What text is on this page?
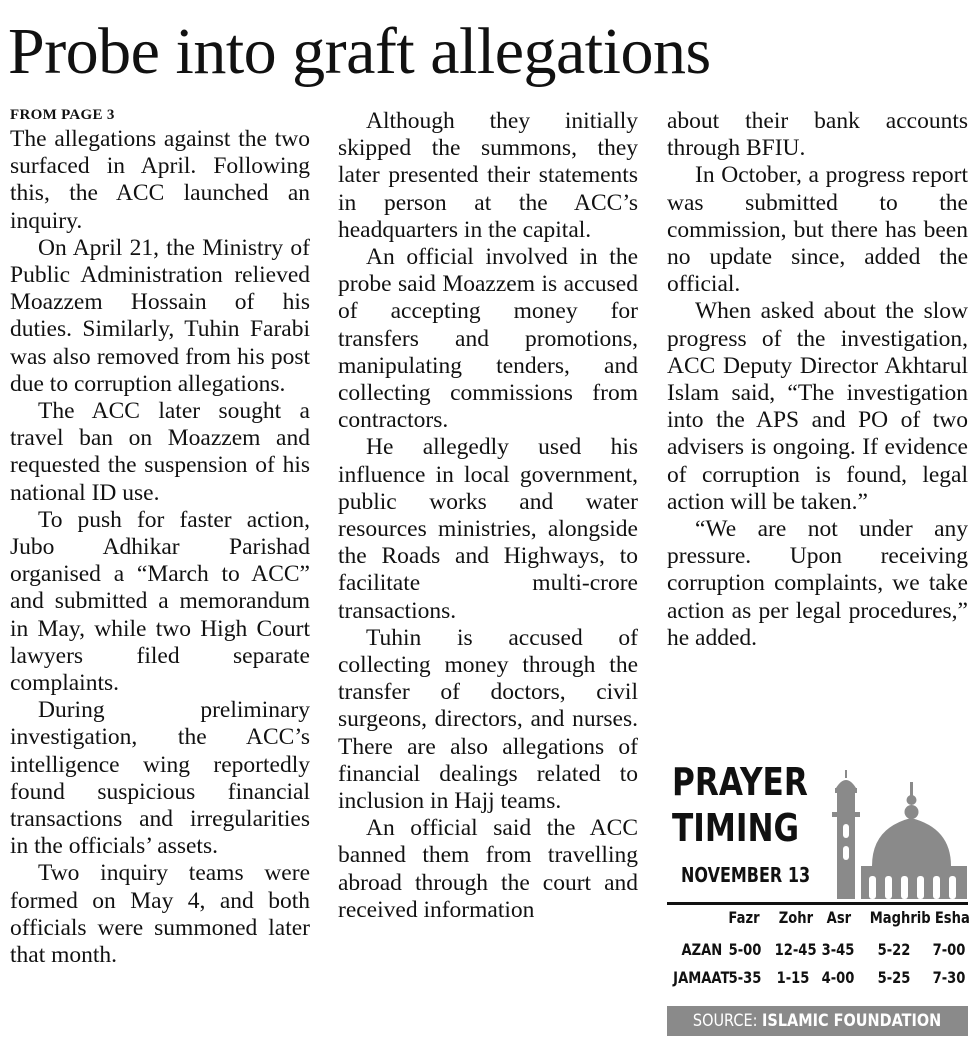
Probe into graft allegations

FROM PAGE 3

The allegations against the two surfaced in April. Following this, the ACC launched an inquiry.

On April 21, the Ministry of Public Administration relieved Moazzem Hossain of his duties. Similarly, Tuhin Farabi was also removed from his post due to corruption allegations.

The ACC later sought a travel ban on Moazzem and requested the suspension of his national ID use.

To push for faster action, Jubo Adhikar Parishad organised a “March to ACC” and submitted a memorandum in May, while two High Court lawyers filed separate complaints.

During preliminary investigation, the ACC’s intelligence wing reportedly found suspicious financial transactions and irregularities in the officials’ assets.

Two inquiry teams were formed on May 4, and both officials were summoned later that month.

Although they initially skipped the summons, they later presented their statements in person at the ACC’s headquarters in the capital.

An official involved in the probe said Moazzem is accused of accepting money for transfers and promotions, manipulating tenders, and collecting commissions from contractors.

He allegedly used his influence in local government, public works and water resources ministries, alongside the Roads and Highways, to facilitate multi-crore transactions.

Tuhin is accused of collecting money through the transfer of doctors, civil surgeons, directors, and nurses. There are also allegations of financial dealings related to inclusion in Hajj teams.

An official said the ACC banned them from travelling abroad through the court and received information

about their bank accounts through BFIU.

In October, a progress report was submitted to the commission, but there has been no update since, added the official.

When asked about the slow progress of the investigation, ACC Deputy Director Akhtarul Islam said, “The investigation into the APS and PO of two advisers is ongoing. If evidence of corruption is found, legal action will be taken.”

“We are not under any pressure. Upon receiving corruption complaints, we take action as per legal procedures,” he added.

PRAYER
TIMING
NOVEMBER 13
Fazr Zohr Asr Maghrib Esha
AZAN 5-00 12-45 3-45 5-22 7-00
JAMAAT 5-35 1-15 4-00 5-25 7-30
SOURCE: ISLAMIC FOUNDATION
